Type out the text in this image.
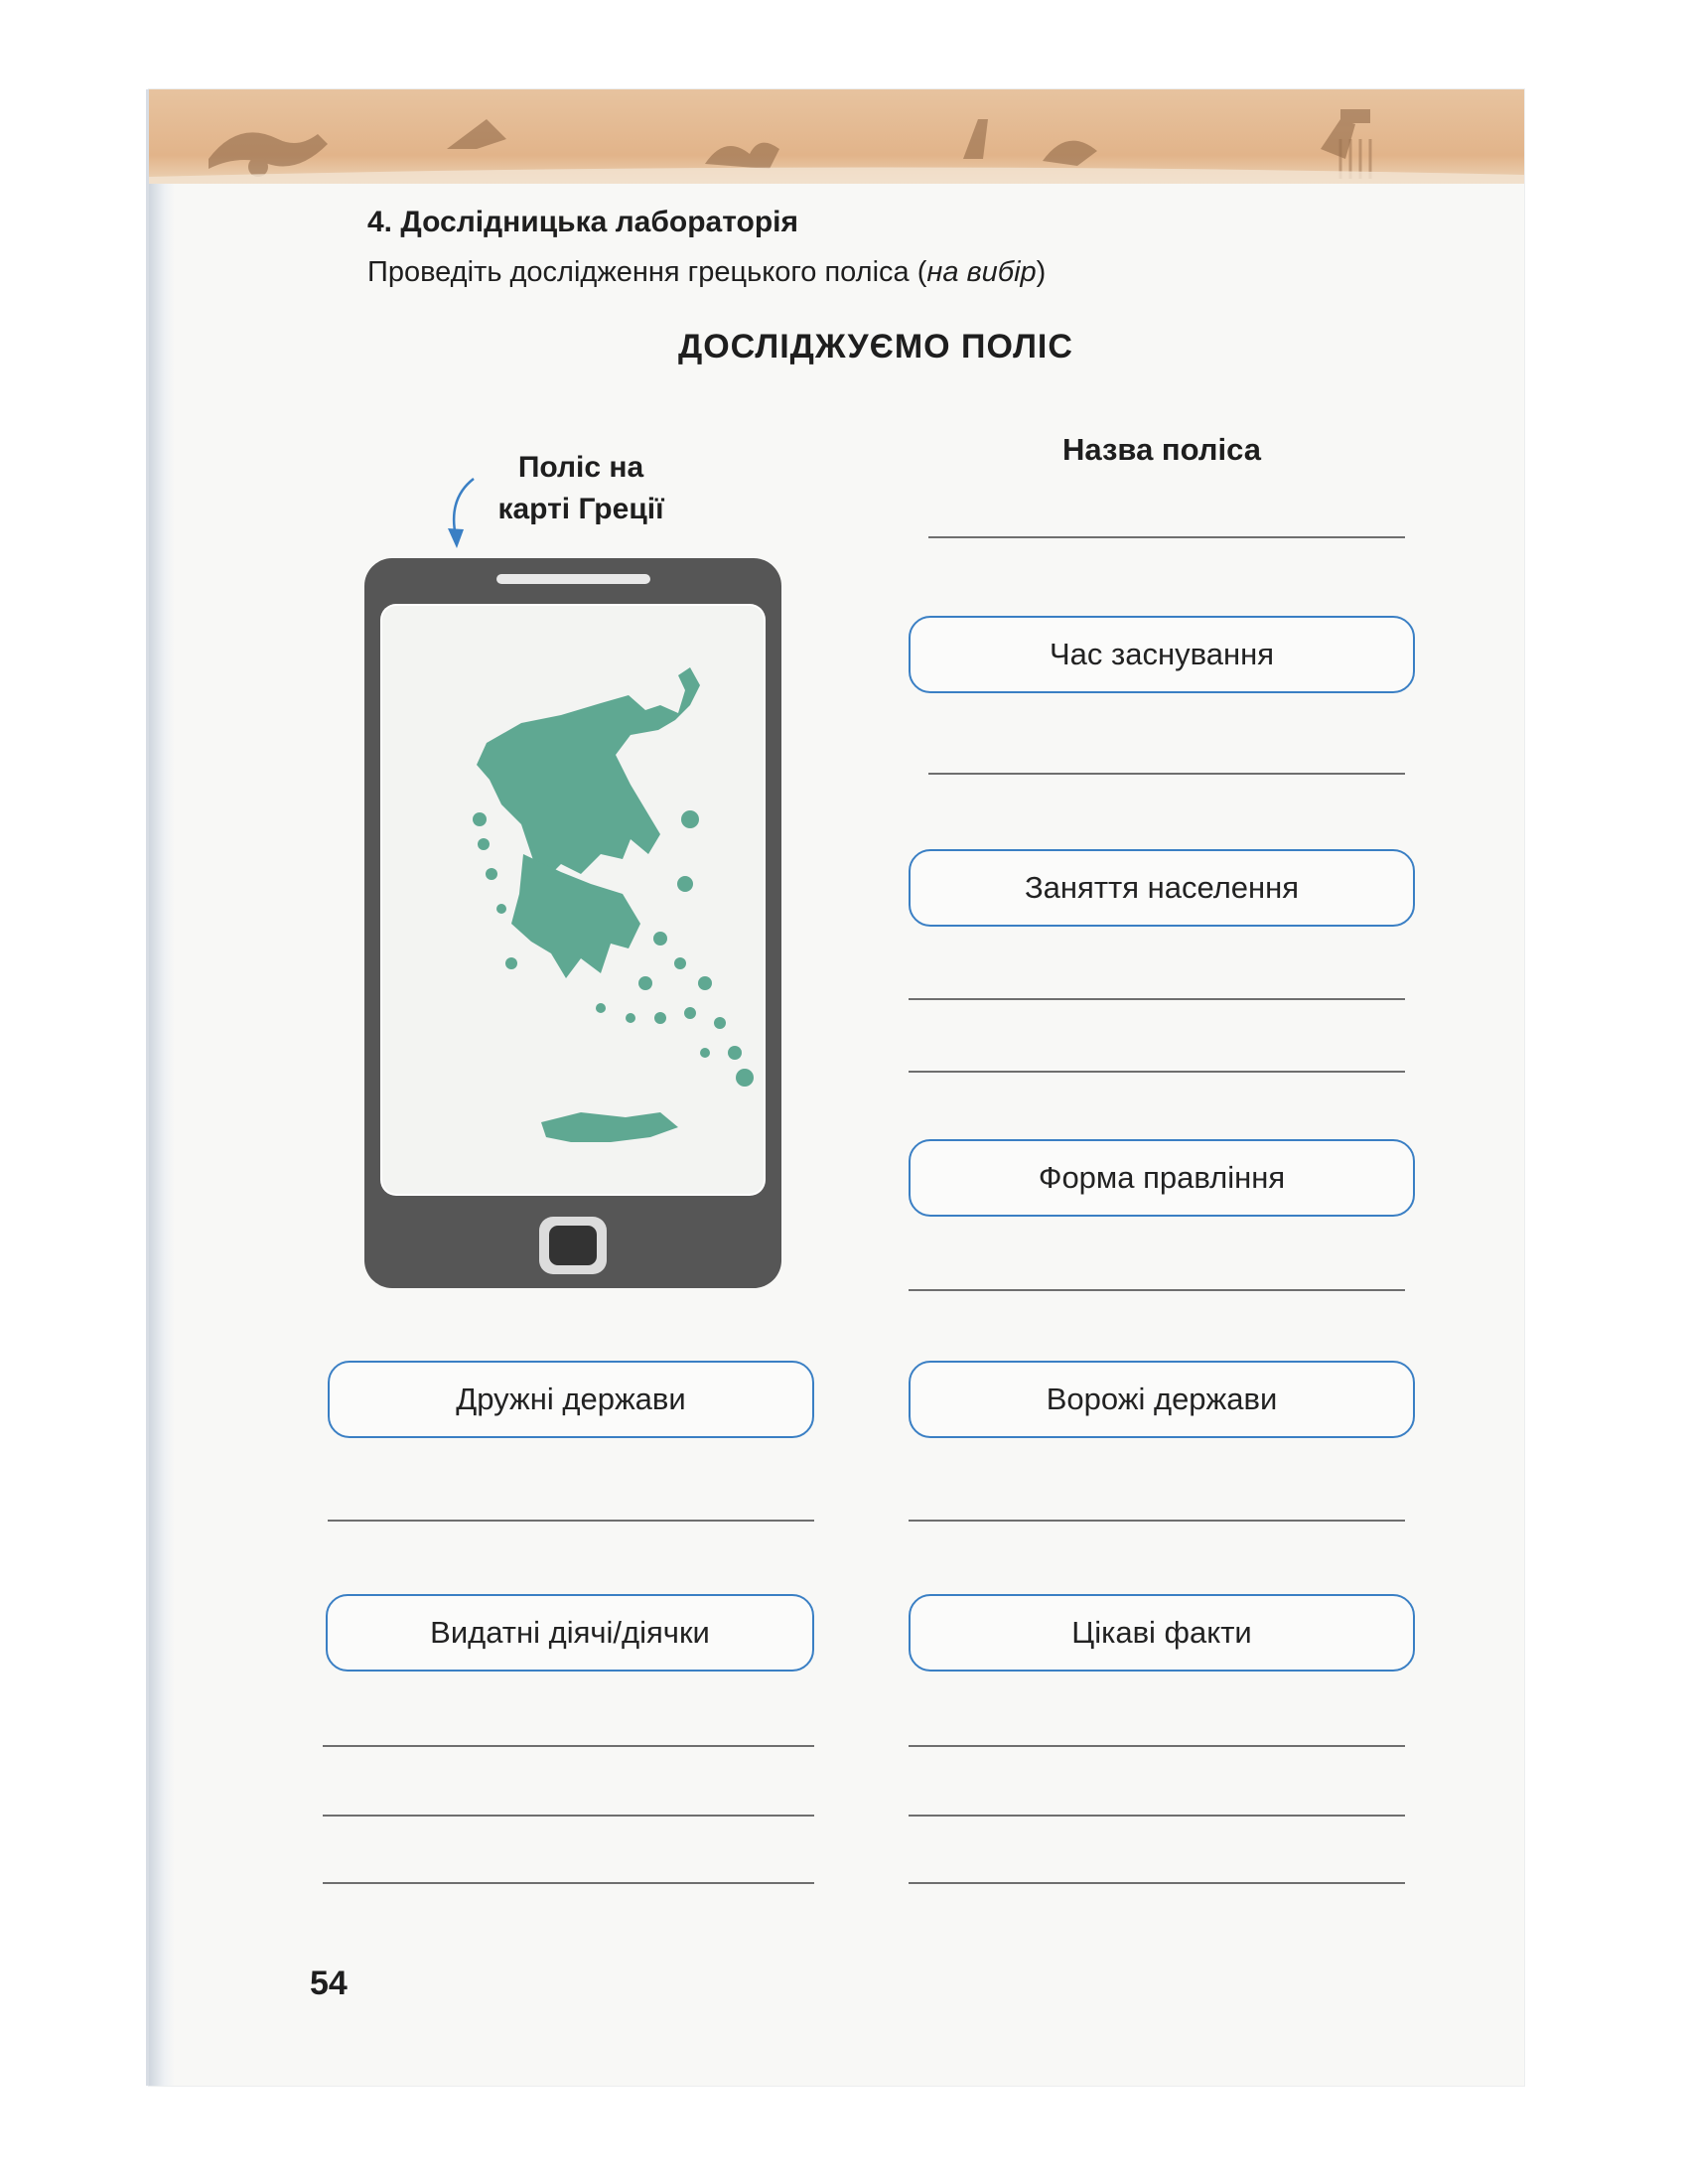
4. Дослідницька лабораторія
Проведіть дослідження грецького поліса (на вибір)
ДОСЛІДЖУЄМО ПОЛІС
Поліс на
карті Греції
Назва поліса
Час заснування
Заняття населення
Форма правління
Дружні держави	Ворожі держави
Видатні діячі/діячки	Цікаві факти
54
